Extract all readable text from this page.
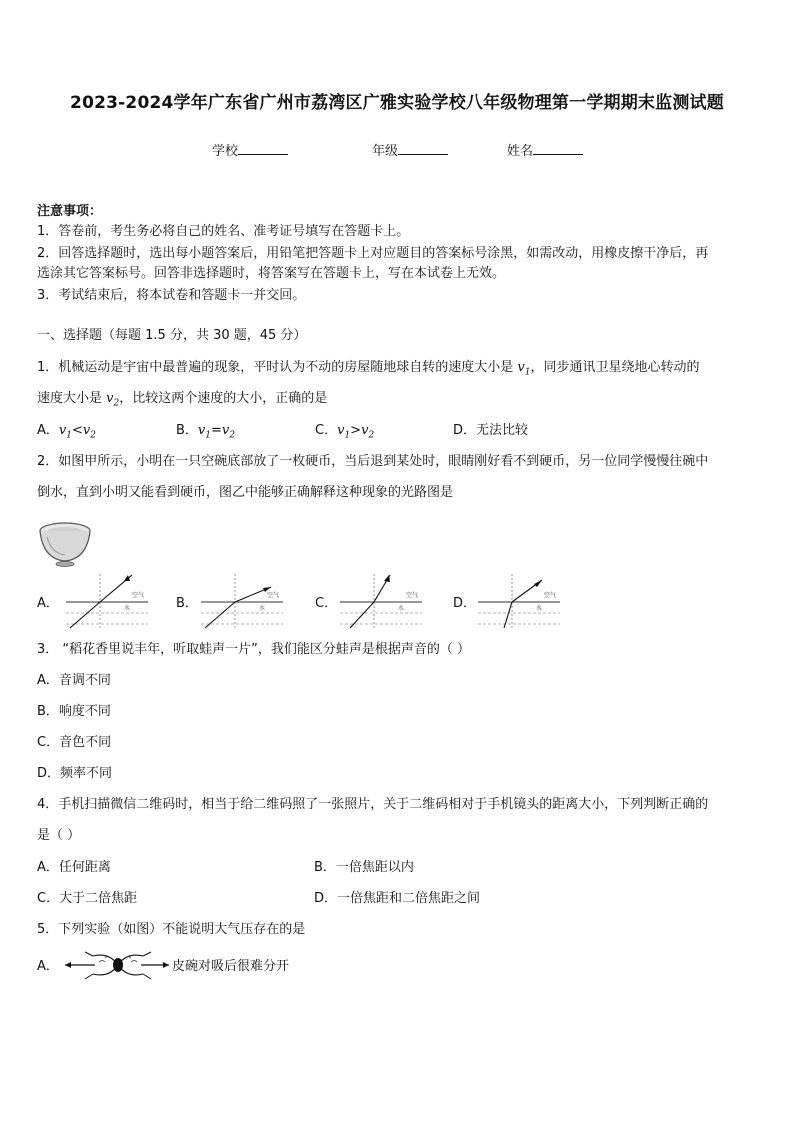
2023-2024学年广东省广州市荔湾区广雅实验学校八年级物理第一学期期末监测试题
学校	年级	姓名
注意事项：
1．答卷前，考生务必将自己的姓名、准考证号填写在答题卡上。
2．回答选择题时，选出每小题答案后，用铅笔把答题卡上对应题目的答案标号涂黑，如需改动，用橡皮擦干净后，再
选涂其它答案标号。回答非选择题时，将答案写在答题卡上，写在本试卷上无效。
3．考试结束后，将本试卷和答题卡一并交回。
一、选择题（每题 1.5 分，共 30 题，45 分）
1．机械运动是宇宙中最普遍的现象，平时认为不动的房屋随地球自转的速度大小是 $v_1$，同步通讯卫星绕地心转动的
速度大小是 $v_2$，比较这两个速度的大小，正确的是
A．$v_1<v_2$	B．$v_1=v_2$	C．$v_1>v_2$	D．无法比较
2．如图甲所示，小明在一只空碗底部放了一枚硬币，当后退到某处时，眼睛刚好看不到硬币，另一位同学慢慢往碗中
倒水，直到小明又能看到硬币，图乙中能够正确解释这种现象的光路图是
A．	B．	C．	D．
空气
水
空气
水
空气
水
空气
水
3． “稻花香里说丰年，听取蛙声一片”，我们能区分蛙声是根据声音的（ ）
A．音调不同
B．响度不同
C．音色不同
D．频率不同
4．手机扫描微信二维码时，相当于给二维码照了一张照片，关于二维码相对于手机镜头的距离大小，下列判断正确的
是（ ）
A．任何距离	B．一倍焦距以内
C．大于二倍焦距	D．一倍焦距和二倍焦距之间
5．下列实验（如图）不能说明大气压存在的是
A．	皮碗对吸后很难分开
